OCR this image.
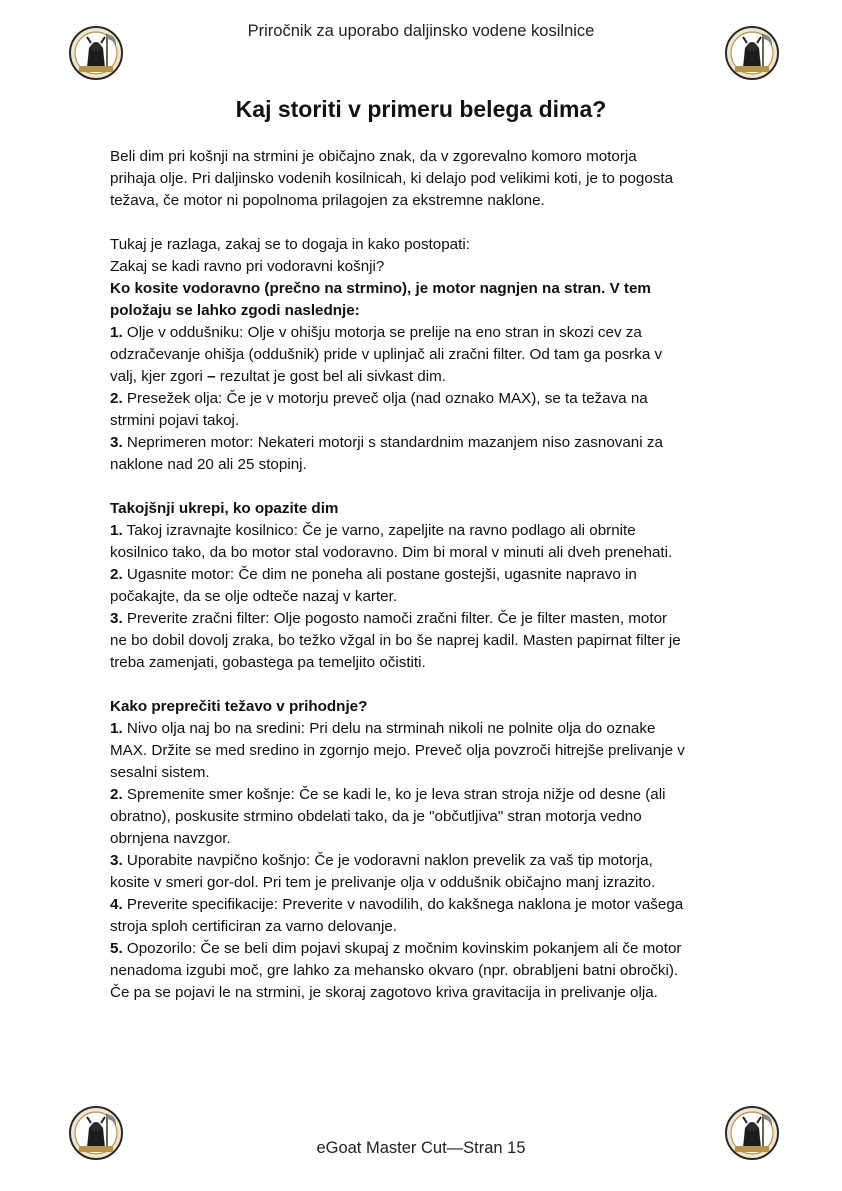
Priročnik za uporabo daljinsko vodene kosilnice
Kaj storiti v primeru belega dima?
Beli dim pri košnji na strmini je običajno znak, da v zgorevalno komoro motorja
prihaja olje. Pri daljinsko vodenih kosilnicah, ki delajo pod velikimi koti, je to pogosta
težava, če motor ni popolnoma prilagojen za ekstremne naklone.
Tukaj je razlaga, zakaj se to dogaja in kako postopati:
Zakaj se kadi ravno pri vodoravni košnji?
Ko kosite vodoravno (prečno na strmino), je motor nagnjen na stran. V tem
položaju se lahko zgodi naslednje:
1. Olje v oddušniku: Olje v ohišju motorja se prelije na eno stran in skozi cev za
odzračevanje ohišja (oddušnik) pride v uplinjač ali zračni filter. Od tam ga posrka v
valj, kjer zgori – rezultat je gost bel ali sivkast dim.
2. Presežek olja: Če je v motorju preveč olja (nad oznako MAX), se ta težava na
strmini pojavi takoj.
3. Neprimeren motor: Nekateri motorji s standardnim mazanjem niso zasnovani za
naklone nad 20 ali 25 stopinj.
Takojšnji ukrepi, ko opazite dim
1. Takoj izravnajte kosilnico: Če je varno, zapeljite na ravno podlago ali obrnite
kosilnico tako, da bo motor stal vodoravno. Dim bi moral v minuti ali dveh prenehati.
2. Ugasnite motor: Če dim ne poneha ali postane gostejši, ugasnite napravo in
počakajte, da se olje odteče nazaj v karter.
3. Preverite zračni filter: Olje pogosto namoči zračni filter. Če je filter masten, motor
ne bo dobil dovolj zraka, bo težko vžgal in bo še naprej kadil. Masten papirnat filter je
treba zamenjati, gobastega pa temeljito očistiti.
Kako preprečiti težavo v prihodnje?
1. Nivo olja naj bo na sredini: Pri delu na strminah nikoli ne polnite olja do oznake
MAX. Držite se med sredino in zgornjo mejo. Preveč olja povzroči hitrejše prelivanje v
sesalni sistem.
2. Spremenite smer košnje: Če se kadi le, ko je leva stran stroja nižje od desne (ali
obratno), poskusite strmino obdelati tako, da je "občutljiva" stran motorja vedno
obrnjena navzgor.
3. Uporabite navpično košnjo: Če je vodoravni naklon prevelik za vaš tip motorja,
kosite v smeri gor-dol. Pri tem je prelivanje olja v oddušnik običajno manj izrazito.
4. Preverite specifikacije: Preverite v navodilih, do kakšnega naklona je motor vašega
stroja sploh certificiran za varno delovanje.
5. Opozorilo: Če se beli dim pojavi skupaj z močnim kovinskim pokanjem ali če motor
nenadoma izgubi moč, gre lahko za mehansko okvaro (npr. obrabljeni batni obročki).
Če pa se pojavi le na strmini, je skoraj zagotovo kriva gravitacija in prelivanje olja.
eGoat Master Cut—Stran 15
